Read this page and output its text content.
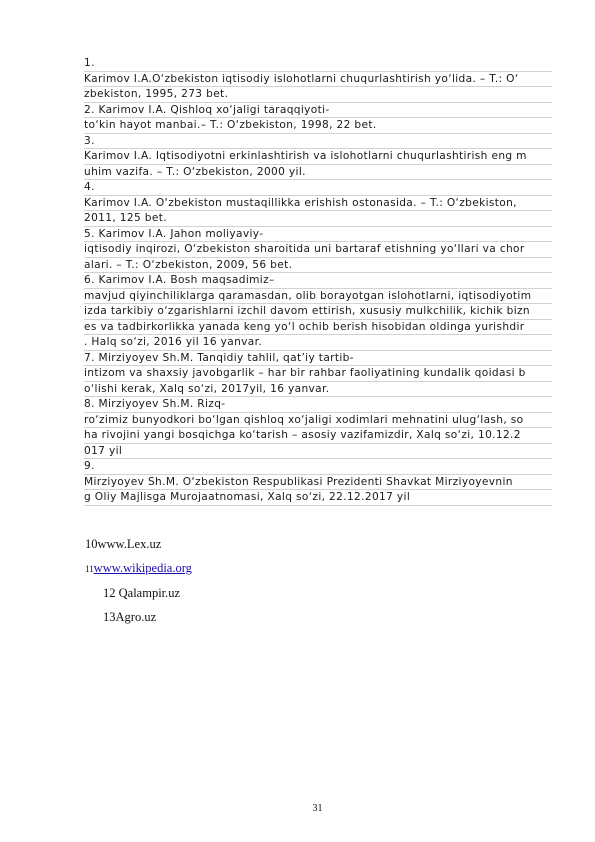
1.
Karimov I.A.O‘zbekiston iqtisodiy islohotlarni chuqurlashtirish yo‘lida. – T.: O‘
zbekiston, 1995, 273 bet.
2. Karimov I.A. Qishloq xo‘jaligi taraqqiyoti-
to‘kin hayot manbai.– T.: O‘zbekiston, 1998, 22 bet.
3.
Karimov I.A. Iqtisodiyotni erkinlashtirish va islohotlarni chuqurlashtirish eng m
uhim vazifa. – T.: O‘zbekiston, 2000 yil.
4.
Karimov I.A. O‘zbekiston mustaqillikka erishish ostonasida. – T.: O‘zbekiston,
2011, 125 bet.
5. Karimov I.A. Jahon moliyaviy-
iqtisodiy inqirozi, O‘zbekiston sharoitida uni bartaraf etishning yo‘llari va chor
alari. – T.: O‘zbekiston, 2009, 56 bet.
6. Karimov I.A. Bosh maqsadimiz–
mavjud qiyinchiliklarga qaramasdan, olib borayotgan islohotlarni, iqtisodiyotim
izda tarkibiy o‘zgarishlarni izchil davom ettirish, xususiy mulkchilik, kichik bizn
es va tadbirkorlikka yanada keng yo‘l ochib berish hisobidan oldinga yurishdir
. Halq so‘zi, 2016 yil 16 yanvar.
7. Mirziyoyev Sh.M. Tanqidiy tahlil, qat’iy tartib-
intizom va shaxsiy javobgarlik – har bir rahbar faoliyatining kundalik qoidasi b
o‘lishi kerak, Xalq so‘zi, 2017yil, 16 yanvar.
8. Mirziyoyev Sh.M. Rizq-
ro‘zimiz bunyodkori bo‘lgan qishloq xo‘jaligi xodimlari mehnatini ulug‘lash, so
ha rivojini yangi bosqichga ko‘tarish – asosiy vazifamizdir, Xalq so‘zi, 10.12.2
017 yil
9.
Mirziyoyev Sh.M. O‘zbekiston Respublikasi Prezidenti Shavkat Mirziyoyevnin
g Oliy Majlisga Murojaatnomasi, Xalq so‘zi, 22.12.2017 yil
10www.Lex.uz
11www.wikipedia.org
12 Qalampir.uz
13Agro.uz
31
